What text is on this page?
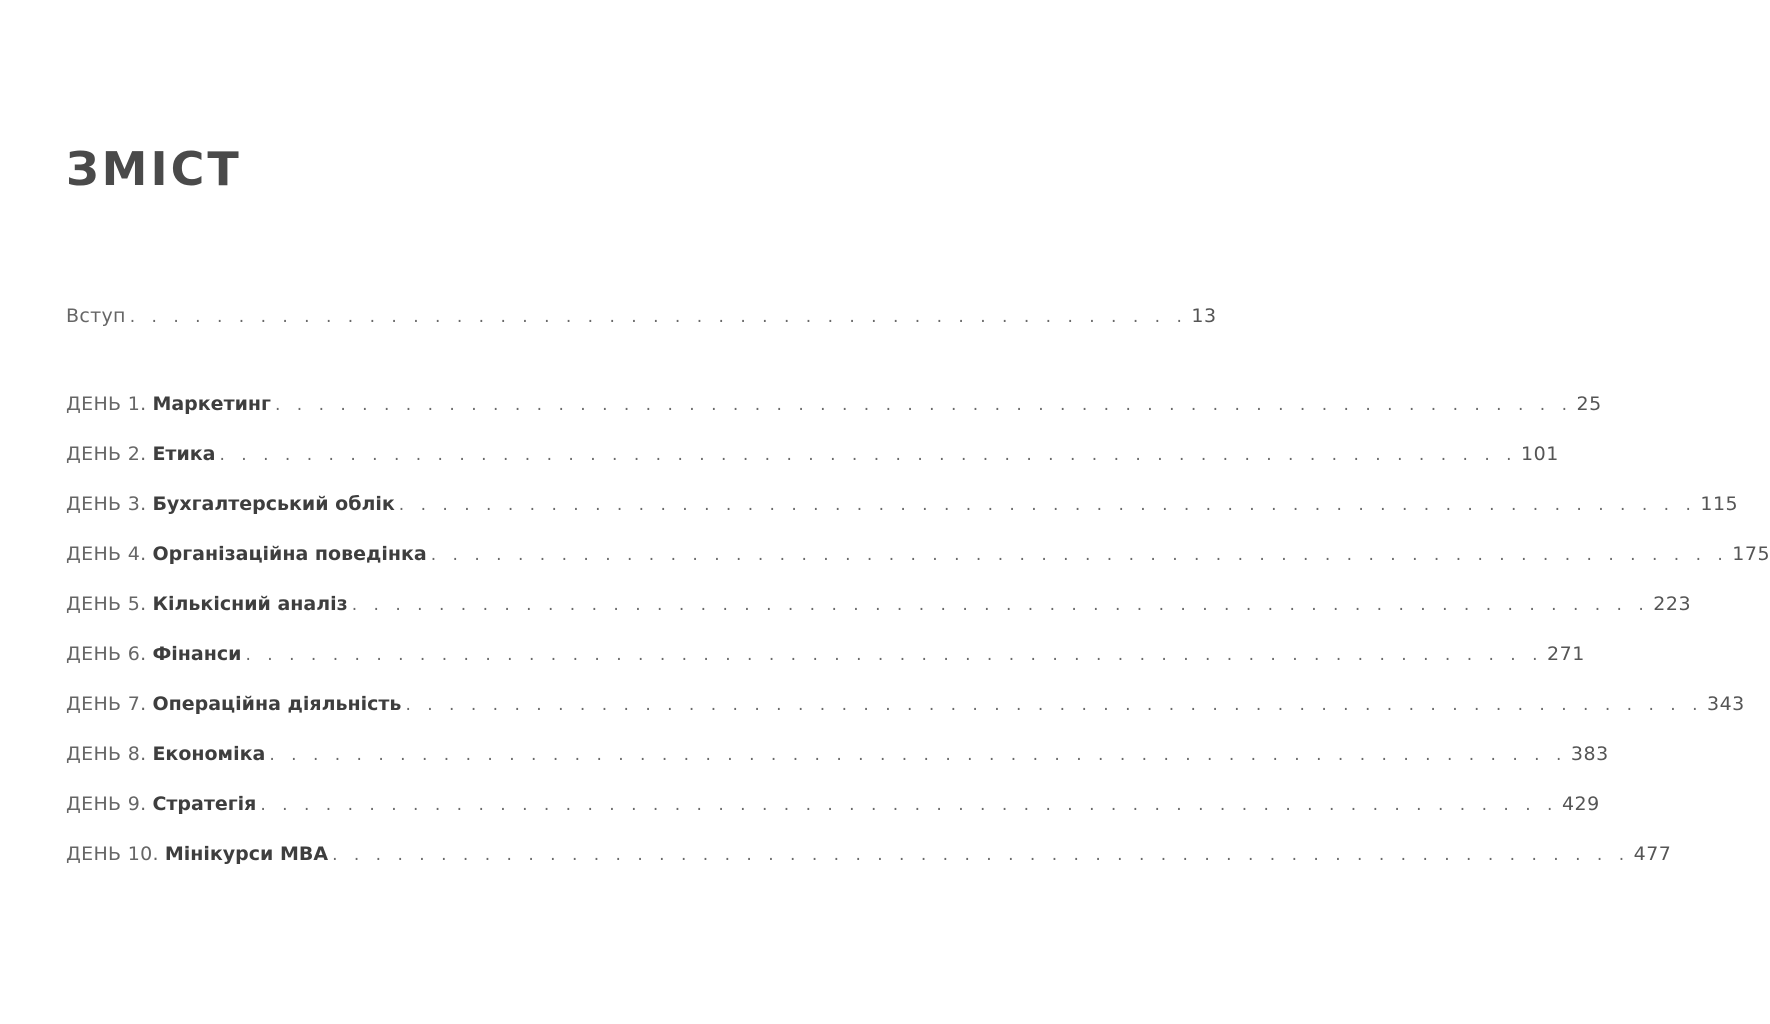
ЗМІСТ
Вступ . . . . . . . . . . . . . . . . . . . . . . . . . . . . . . . . . . . . . . . . . . . . . . . . . 13
ДЕНЬ 1. Маркетинг . . . . . . . . . . . . . . . . . . . . . . . . . . . . . . . . . . . . . . . . . . . . . . . . . . . . . . . . . . . . 25
ДЕНЬ 2. Етика . . . . . . . . . . . . . . . . . . . . . . . . . . . . . . . . . . . . . . . . . . . . . . . . . . . . . . . . . . . . 101
ДЕНЬ 3. Бухгалтерський облік . . . . . . . . . . . . . . . . . . . . . . . . . . . . . . . . . . . . . . . . . . . . . . . . . . . . . . . . . . . . 115
ДЕНЬ 4. Організаційна поведінка . . . . . . . . . . . . . . . . . . . . . . . . . . . . . . . . . . . . . . . . . . . . . . . . . . . . . . . . . . . . 175
ДЕНЬ 5. Кількісний аналіз . . . . . . . . . . . . . . . . . . . . . . . . . . . . . . . . . . . . . . . . . . . . . . . . . . . . . . . . . . . . 223
ДЕНЬ 6. Фінанси . . . . . . . . . . . . . . . . . . . . . . . . . . . . . . . . . . . . . . . . . . . . . . . . . . . . . . . . . . . . 271
ДЕНЬ 7. Операційна діяльність . . . . . . . . . . . . . . . . . . . . . . . . . . . . . . . . . . . . . . . . . . . . . . . . . . . . . . . . . . . . 343
ДЕНЬ 8. Економіка . . . . . . . . . . . . . . . . . . . . . . . . . . . . . . . . . . . . . . . . . . . . . . . . . . . . . . . . . . . . 383
ДЕНЬ 9. Стратегія . . . . . . . . . . . . . . . . . . . . . . . . . . . . . . . . . . . . . . . . . . . . . . . . . . . . . . . . . . . . 429
ДЕНЬ 10. Мінікурси MBA . . . . . . . . . . . . . . . . . . . . . . . . . . . . . . . . . . . . . . . . . . . . . . . . . . . . . . . . . . . . 477
